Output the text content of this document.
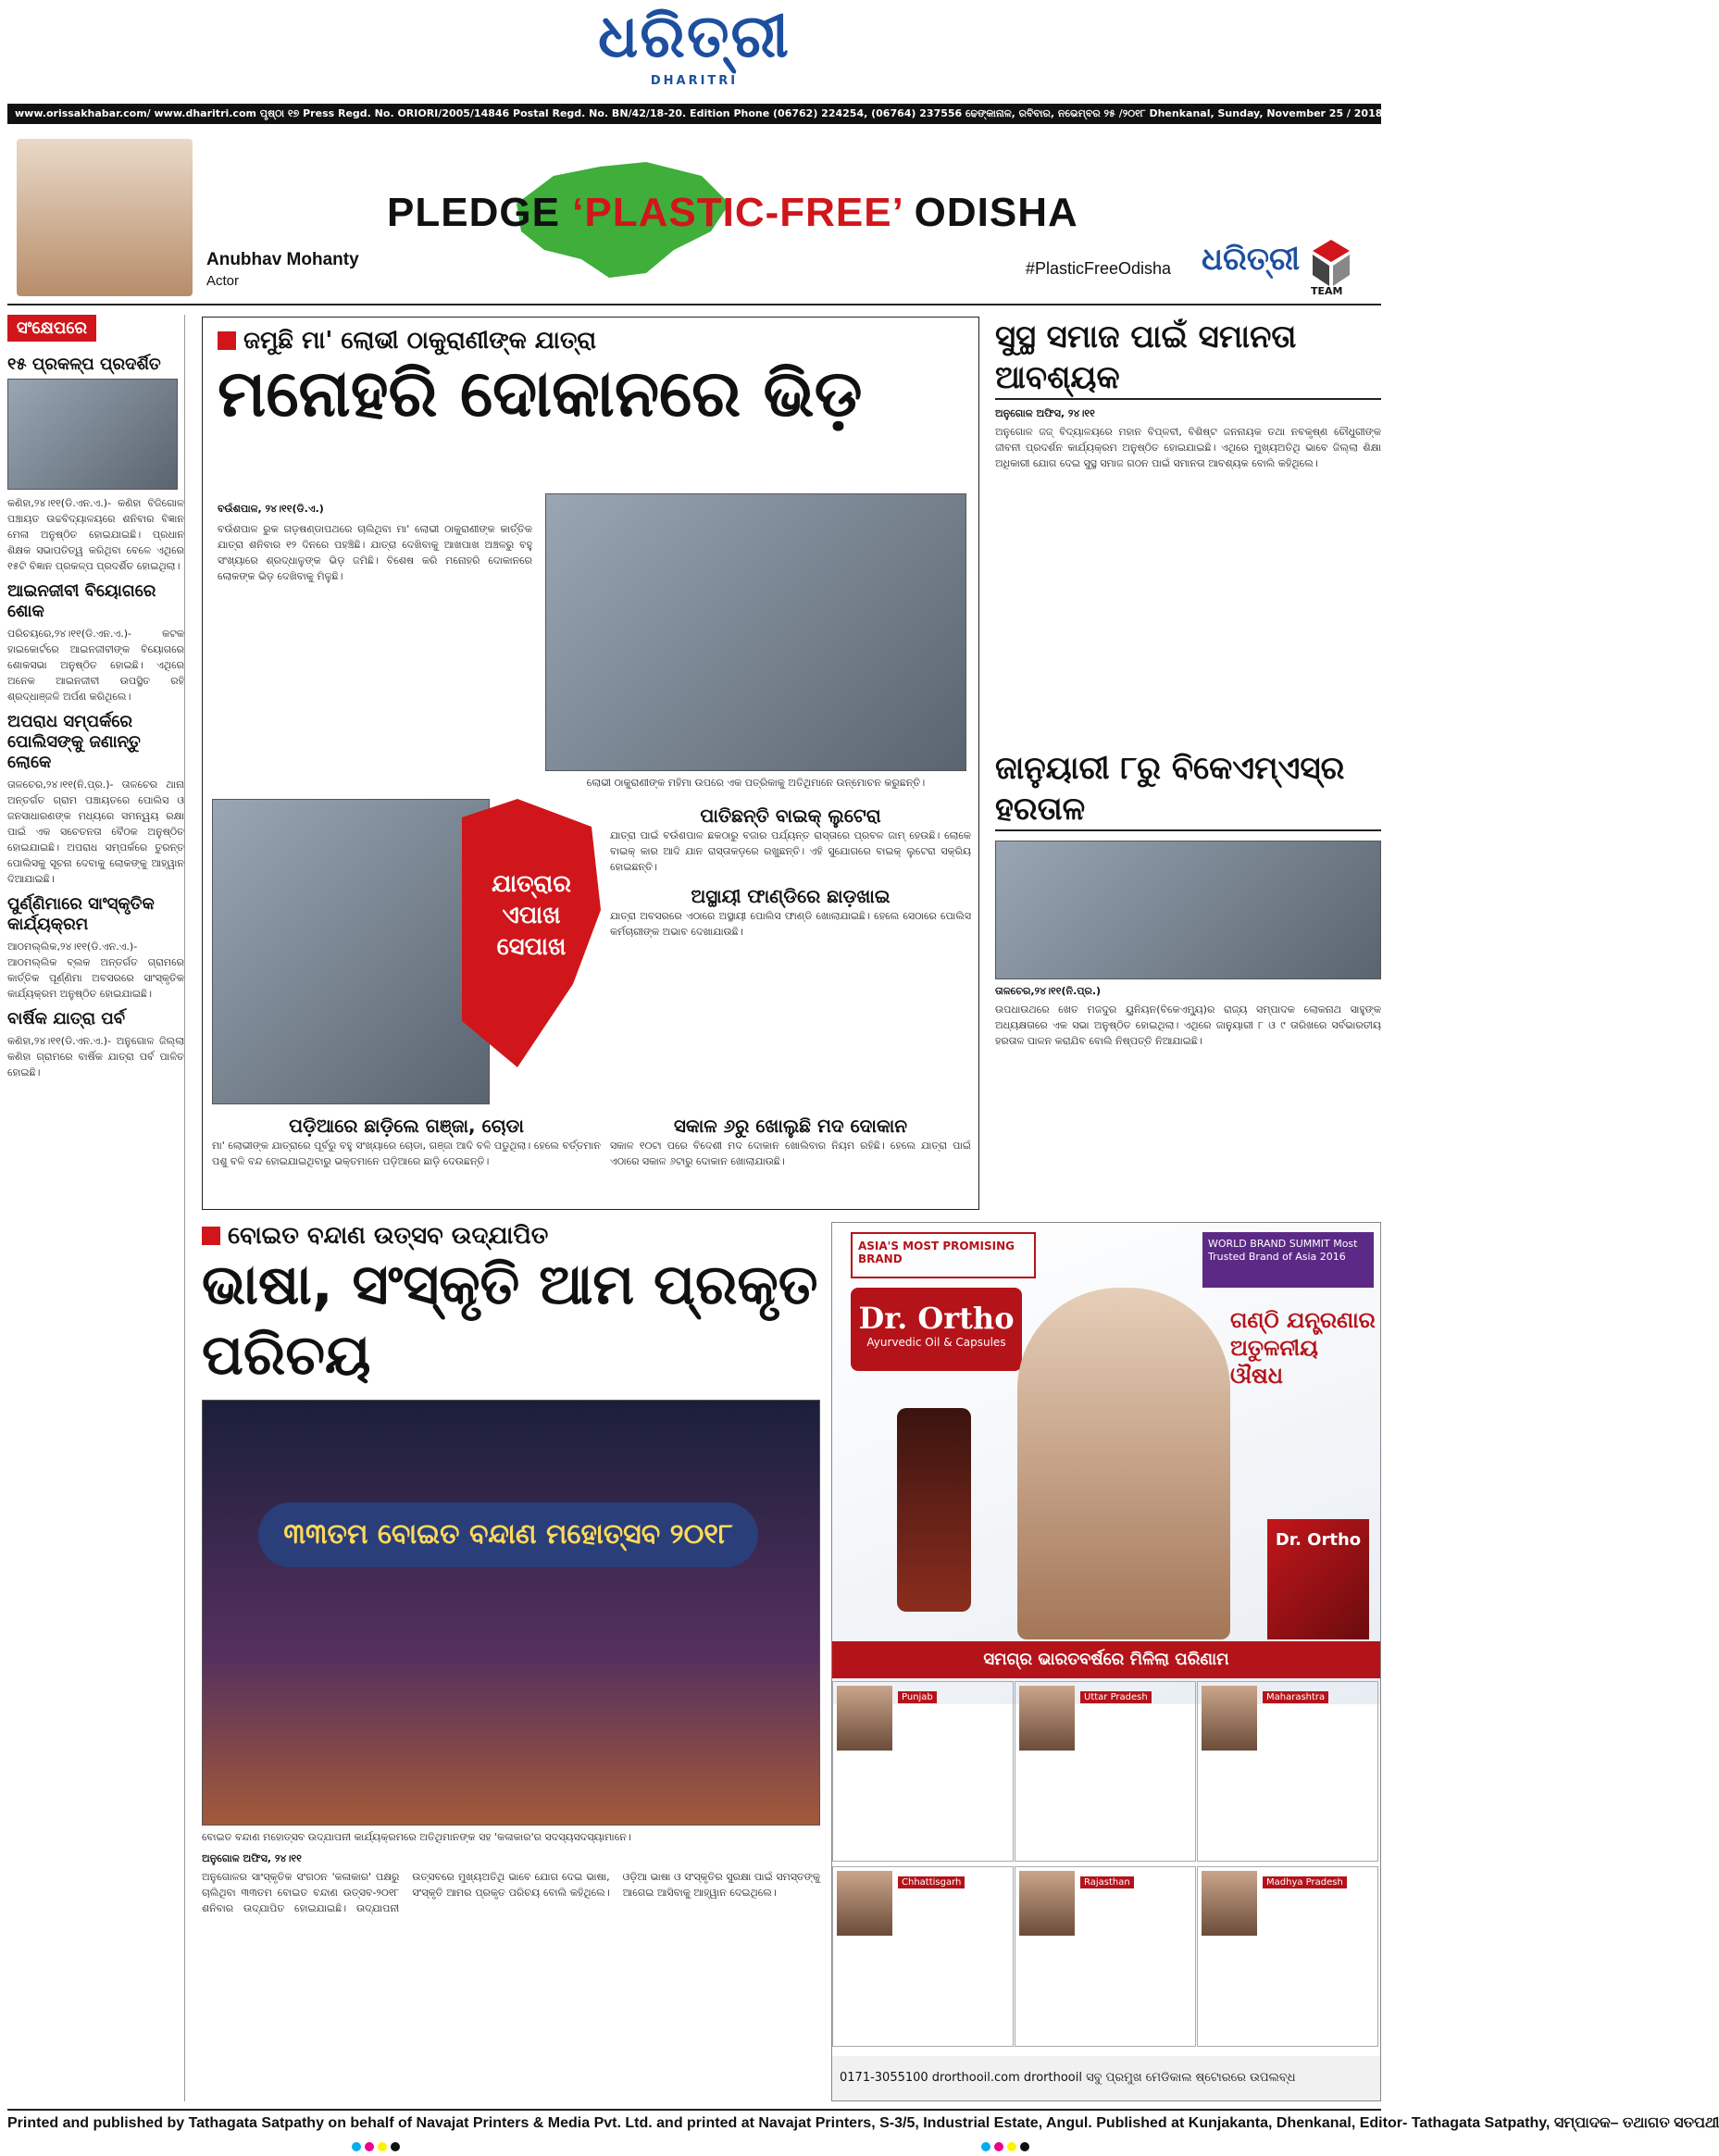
ଧରିତ୍ରୀ
DHARITRI
www.orissakhabar.com/ www.dharitri.com ପୃଷ୍ଠା ୧୭ Press Regd. No. ORIORI/2005/14846 Postal Regd. No. BN/42/18-20. Edition Phone (06762) 224254, (06764) 237556 ଢେଙ୍କାନାଳ, ରବିବାର, ନଭେମ୍ବର ୨୫ /୨୦୧୮ Dhenkanal, Sunday, November 25 / 2018
Anubhav Mohanty
Actor
PLEDGE ‘PLASTIC-FREE’ ODISHA
#PlasticFreeOdisha ଧରିତ୍ରୀ
TEAM
ସଂକ୍ଷେପରେ
୧୫ ପ୍ରକଳ୍ପ ପ୍ରଦର୍ଶିତ
କଣିହା,୨୪।୧୧(ଡି.ଏନ.ଏ.)- କଣିହା ବିଜିଗୋଳ ପଞ୍ଚାୟତ ଉଚ୍ଚବିଦ୍ୟାଳୟରେ ଶନିବାର ବିଜ୍ଞାନ ମେଳା ଅନୁଷ୍ଠିତ ହୋଇଯାଇଛି। ପ୍ରଧାନ ଶିକ୍ଷକ ସଭାପତିତ୍ୱ କରିଥିବା ବେଳେ ଏଥିରେ ୧୫ଟି ବିଜ୍ଞାନ ପ୍ରକଳ୍ପ ପ୍ରଦର୍ଶିତ ହୋଇଥିଲା।
ଆଇନଜୀବୀ ବିୟୋଗରେ ଶୋକ
ପରିଚୟରେ,୨୪।୧୧(ଡି.ଏନ.ଏ.)- କଟକ ହାଇକୋର୍ଟରେ ଆଇନଜୀବୀଙ୍କ ବିୟୋଗରେ ଶୋକସଭା ଅନୁଷ୍ଠିତ ହୋଇଛି। ଏଥିରେ ଅନେକ ଆଇନଜୀବୀ ଉପସ୍ଥିତ ରହି ଶ୍ରଦ୍ଧାଞ୍ଜଳି ଅର୍ପଣ କରିଥିଲେ।
ଅପରାଧ ସମ୍ପର୍କରେ ପୋଲିସଙ୍କୁ ଜଣାନ୍ତୁ ଲୋକେ
ତାଳଚେର,୨୪।୧୧(ନି.ପ୍ର.)- ତାଳଚେର ଥାନା ଅନ୍ତର୍ଗତ ଗ୍ରାମ ପଞ୍ଚାୟତରେ ପୋଲିସ ଓ ଜନସାଧାରଣଙ୍କ ମଧ୍ୟରେ ସମନ୍ୱୟ ରକ୍ଷା ପାଇଁ ଏକ ସଚେତନତା ବୈଠକ ଅନୁଷ୍ଠିତ ହୋଇଯାଇଛି। ଅପରାଧ ସମ୍ପର୍କରେ ତୁରନ୍ତ ପୋଲିସକୁ ସୂଚନା ଦେବାକୁ ଲୋକଙ୍କୁ ଆହ୍ୱାନ ଦିଆଯାଇଛି।
ପୁର୍ଣ୍ଣିମାରେ ସାଂସ୍କୃତିକ କାର୍ଯ୍ୟକ୍ରମ
ଆଠମଲ୍ଲିକ,୨୪।୧୧(ଡି.ଏନ.ଏ.)- ଆଠମଲ୍ଲିକ ବ୍ଲକ ଅନ୍ତର୍ଗତ ଗ୍ରାମରେ କାର୍ତ୍ତିକ ପୂର୍ଣ୍ଣିମା ଅବସରରେ ସାଂସ୍କୃତିକ କାର୍ଯ୍ୟକ୍ରମ ଅନୁଷ୍ଠିତ ହୋଇଯାଇଛି।
ବାର୍ଷିକ ଯାତ୍ରା ପର୍ବ
କଣିହା,୨୪।୧୧(ଡି.ଏନ.ଏ.)- ଅନୁଗୋଳ ଜିଲ୍ଲା କଣିହା ଗ୍ରାମରେ ବାର୍ଷିକ ଯାତ୍ରା ପର୍ବ ପାଳିତ ହୋଇଛି।
ଜମୁଛି ମା' ଲୋଭୀ ଠାକୁରାଣୀଙ୍କ ଯାତ୍ରା
ମନୋହରି ଦୋକାନରେ ଭିଡ଼
ବଉଁଶପାଳ, ୨୪।୧୧(ଡି.ଏ.)
ବଉଁଶପାଳ ରୁକ ଗଡ଼ଷଣ୍ଡାପଥରେ ଚାଲିଥିବା ମା' ଲୋଭୀ ଠାକୁରାଣୀଙ୍କ କାର୍ତ୍ତିକ ଯାତ୍ରା ଶନିବାର ୧୨ ଦିନରେ ପହଞ୍ଚିଛି। ଯାତ୍ରା ଦେଖିବାକୁ ଆଖପାଖ ଅଞ୍ଚଳରୁ ବହୁ ସଂଖ୍ୟାରେ ଶ୍ରଦ୍ଧାଳୁଙ୍କ ଭିଡ଼ ଜମିଛି। ବିଶେଷ କରି ମନୋହରି ଦୋକାନରେ ଲୋକଙ୍କ ଭିଡ଼ ଦେଖିବାକୁ ମିଳୁଛି।
ଲୋଭୀ ଠାକୁରାଣୀଙ୍କ ମହିମା ଉପରେ ଏକ ପତ୍ରିକାକୁ ଅତିଥିମାନେ ଉନ୍ମୋଚନ କରୁଛନ୍ତି।
ଯାତ୍ରାର ଏପାଖ ସେପାଖ
ପାତିଛନ୍ତି ବାଇକ୍ ଲୁଟେରା
ଯାତ୍ରା ପାଇଁ ବଉଁଶପାଳ ଛକଠାରୁ ବଜାର ପର୍ଯ୍ୟନ୍ତ ରାସ୍ତାରେ ପ୍ରବଳ ଜାମ୍ ହେଉଛି। ଲୋକେ ବାଇକ୍ କାର ଆଦି ଯାନ ରାସ୍ତାକଡ଼ରେ ରଖୁଛନ୍ତି। ଏହି ସୁଯୋଗରେ ବାଇକ୍ ଲୁଟେରା ସକ୍ରିୟ ହୋଇଛନ୍ତି।
ଅସ୍ଥାୟୀ ଫାଣ୍ଡିରେ ଛାଡ଼ଖାଇ
ଯାତ୍ରା ଅବସରରେ ଏଠାରେ ଅସ୍ଥାୟୀ ପୋଲିସ ଫାଣ୍ଡି ଖୋଲାଯାଇଛି। ହେଲେ ସେଠାରେ ପୋଲିସ କର୍ମଚାରୀଙ୍କ ଅଭାବ ଦେଖାଯାଉଛି।
ପଡ଼ିଆରେ ଛାଡ଼ିଲେ ଗଞ୍ଜା, ଚୋଡା
ମା' ଲୋଭୀଙ୍କ ଯାତ୍ରାରେ ପୂର୍ବରୁ ବହୁ ସଂଖ୍ୟାରେ ଚୋଡା, ଗଞ୍ଜା ଆଦି ବଳି ପଡୁଥିଲା। ହେଲେ ବର୍ତ୍ତମାନ ପଶୁ ବଳି ବନ୍ଦ ହୋଇଯାଇଥିବାରୁ ଭକ୍ତମାନେ ପଡ଼ିଆରେ ଛାଡ଼ି ଦେଉଛନ୍ତି।
ସକାଳ ୬ରୁ ଖୋଲୁଛି ମଦ ଦୋକାନ
ସକାଳ ୧୦ଟା ପରେ ବିଦେଶୀ ମଦ ଦୋକାନ ଖୋଲିବାର ନିୟମ ରହିଛି। ହେଲେ ଯାତ୍ରା ପାଇଁ ଏଠାରେ ସକାଳ ୬ଟାରୁ ଦୋକାନ ଖୋଲାଯାଉଛି।
ସୁସ୍ଥ ସମାଜ ପାଇଁ ସମାନତା ଆବଶ୍ୟକ
ଅନୁଗୋଳ ଅଫିସ, ୨୪।୧୧
ଅନୁଗୋଳ ଜଜ୍ ବିଦ୍ୟାଳୟରେ ମହାନ ବିପ୍ଳବୀ, ବିଶିଷ୍ଟ ଜନନାୟକ ତଥା ନବକୃଷ୍ଣ ଚୌଧୁରୀଙ୍କ ଜୀବନୀ ପ୍ରଦର୍ଶନ କାର୍ଯ୍ୟକ୍ରମ ଅନୁଷ୍ଠିତ ହୋଇଯାଇଛି। ଏଥିରେ ମୁଖ୍ୟଅତିଥି ଭାବେ ଜିଲ୍ଲା ଶିକ୍ଷା ଅଧିକାରୀ ଯୋଗ ଦେଇ ସୁସ୍ଥ ସମାଜ ଗଠନ ପାଇଁ ସମାନତା ଆବଶ୍ୟକ ବୋଲି କହିଥିଲେ।
ଜାନୁୟାରୀ ୮ରୁ ବିକେଏମ୍ଏସ୍‌ର ହରତାଳ
ତାଳଚେର,୨୪।୧୧(ନି.ପ୍ର.)
ଉପଧାଉଥରେ ଖେତ ମଜଦୁର ୟୁନିୟନ(ବିକେଏମ୍ୟୁ)ର ରାଜ୍ୟ ସମ୍ପାଦକ ଲୋକନାଥ ସାହୁଙ୍କ ଅଧ୍ୟକ୍ଷତାରେ ଏକ ସଭା ଅନୁଷ୍ଠିତ ହୋଇଥିଲା। ଏଥିରେ ଜାନୁୟାରୀ ୮ ଓ ୯ ତାରିଖରେ ସର୍ବଭାରତୀୟ ହରତାଳ ପାଳନ କରାଯିବ ବୋଲି ନିଷ୍ପତ୍ତି ନିଆଯାଇଛି।
ବୋଇତ ବନ୍ଦାଣ ଉତ୍ସବ ଉଦ୍‌ଯାପିତ
ଭାଷା, ସଂସ୍କୃତି ଆମ ପ୍ରକୃତ ପରିଚୟ
୩୩ତମ ବୋଇତ ବନ୍ଦାଣ ମହୋତ୍ସବ ୨୦୧୮
ବୋଇତ ବନ୍ଦାଣ ମହୋତ୍ସବ ଉଦ୍‌ଯାପନୀ କାର୍ଯ୍ୟକ୍ରମରେ ଅତିଥିମାନଙ୍କ ସହ 'କଳାକାର'ର ସଦସ୍ୟସଦସ୍ୟାମାନେ।
ଅନୁଗୋଳ ଅଫିସ, ୨୪।୧୧
ଅନୁଗୋଳର ସାଂସ୍କୃତିକ ସଂଗଠନ 'କଳାକାର' ପକ୍ଷରୁ ଚାଲିଥିବା ୩୩ତମ ବୋଇତ ବନ୍ଦାଣ ଉତ୍ସବ-୨୦୧୮ ଶନିବାର ଉଦ୍‌ଯାପିତ ହୋଇଯାଇଛି। ଉଦ୍‌ଯାପନୀ ଉତ୍ସବରେ ମୁଖ୍ୟଅତିଥି ଭାବେ ଯୋଗ ଦେଇ ଭାଷା, ସଂସ୍କୃତି ଆମର ପ୍ରକୃତ ପରିଚୟ ବୋଲି କହିଥିଲେ। ଓଡ଼ିଆ ଭାଷା ଓ ସଂସ୍କୃତିର ସୁରକ୍ଷା ପାଇଁ ସମସ୍ତଙ୍କୁ ଆଗେଇ ଆସିବାକୁ ଆହ୍ୱାନ ଦେଇଥିଲେ।
ASIA'S MOST PROMISING BRAND
WORLD BRAND SUMMIT Most Trusted Brand of Asia 2016
Dr. Ortho
Ayurvedic Oil & Capsules
ଗଣ୍ଠି ଯନ୍ତ୍ରଣାର ଅତୁଳନୀୟ ଔଷଧ
Dr. Ortho
ସମଗ୍ର ଭାରତବର୍ଷରେ ମିଳିଲା ପରିଣାମ
Punjab	Uttar Pradesh	Maharashtra
Chhattisgarh	Rajasthan	Madhya Pradesh
0171-3055100 drorthooil.com drorthooil ସବୁ ପ୍ରମୁଖ ମେଡିକାଲ ଷ୍ଟୋରରେ ଉପଲବ୍ଧ
Printed and published by Tathagata Satpathy on behalf of Navajat Printers & Media Pvt. Ltd. and printed at Navajat Printers, S-3/5, Industrial Estate, Angul. Published at Kunjakanta, Dhenkanal, Editor- Tathagata Satpathy, ସମ୍ପାଦକ– ତଥାଗତ ସତପଥୀ
